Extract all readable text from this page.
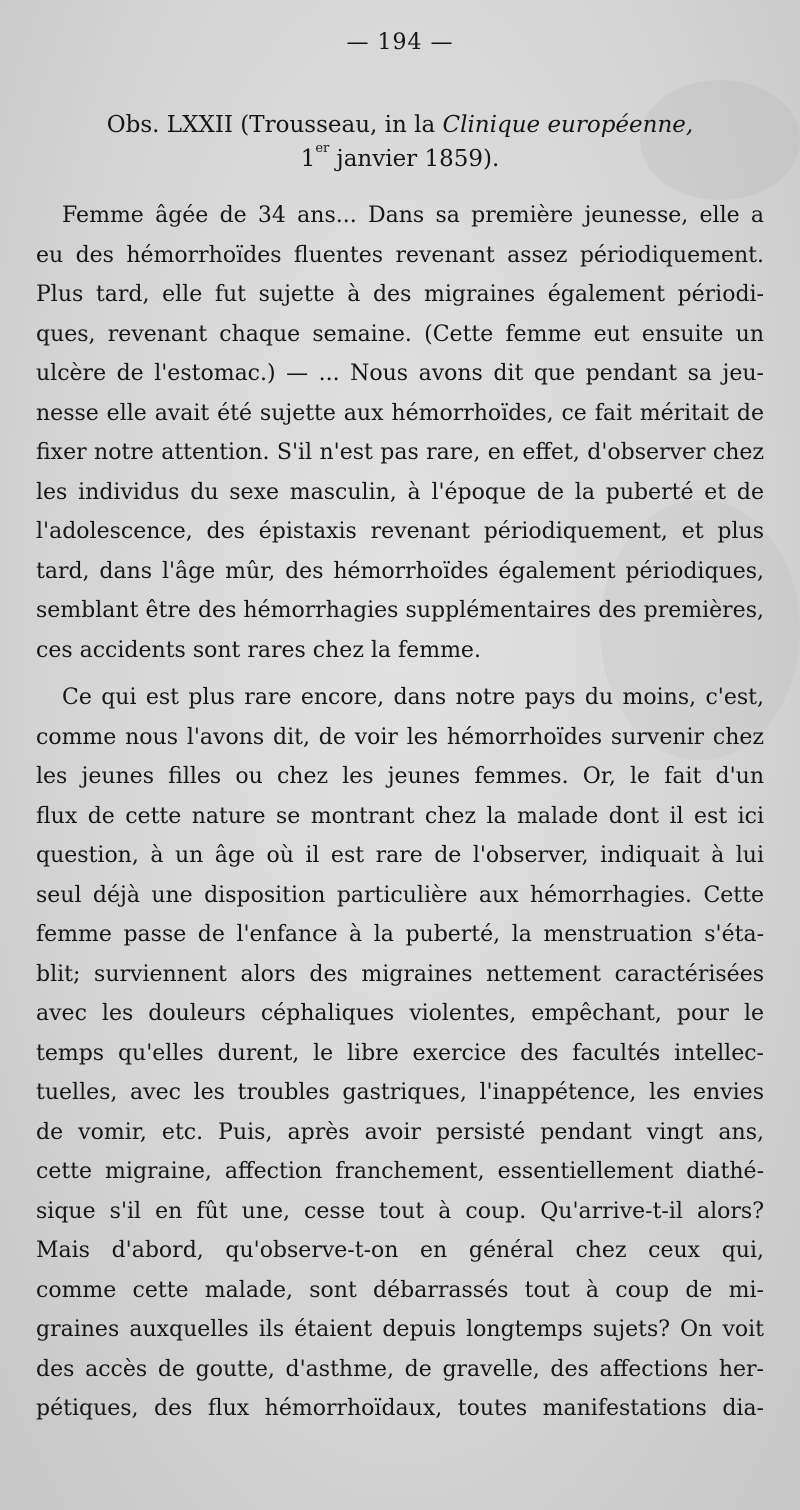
— 194 —
Obs. LXXII (Trousseau, in la Clinique européenne,
1er janvier 1859).
Femme âgée de 34 ans... Dans sa première jeunesse, elle a
eu des hémorrhoïdes fluentes revenant assez périodiquement.
Plus tard, elle fut sujette à des migraines également périodi-
ques, revenant chaque semaine. (Cette femme eut ensuite un
ulcère de l'estomac.) — ... Nous avons dit que pendant sa jeu-
nesse elle avait été sujette aux hémorrhoïdes, ce fait méritait de
fixer notre attention. S'il n'est pas rare, en effet, d'observer chez
les individus du sexe masculin, à l'époque de la puberté et de
l'adolescence, des épistaxis revenant périodiquement, et plus
tard, dans l'âge mûr, des hémorrhoïdes également périodiques,
semblant être des hémorrhagies supplémentaires des premières,
ces accidents sont rares chez la femme.
Ce qui est plus rare encore, dans notre pays du moins, c'est,
comme nous l'avons dit, de voir les hémorrhoïdes survenir chez
les jeunes filles ou chez les jeunes femmes. Or, le fait d'un
flux de cette nature se montrant chez la malade dont il est ici
question, à un âge où il est rare de l'observer, indiquait à lui
seul déjà une disposition particulière aux hémorrhagies. Cette
femme passe de l'enfance à la puberté, la menstruation s'éta-
blit; surviennent alors des migraines nettement caractérisées
avec les douleurs céphaliques violentes, empêchant, pour le
temps qu'elles durent, le libre exercice des facultés intellec-
tuelles, avec les troubles gastriques, l'inappétence, les envies
de vomir, etc. Puis, après avoir persisté pendant vingt ans,
cette migraine, affection franchement, essentiellement diathé-
sique s'il en fût une, cesse tout à coup. Qu'arrive-t-il alors?
Mais d'abord, qu'observe-t-on en général chez ceux qui,
comme cette malade, sont débarrassés tout à coup de mi-
graines auxquelles ils étaient depuis longtemps sujets? On voit
des accès de goutte, d'asthme, de gravelle, des affections her-
pétiques, des flux hémorrhoïdaux, toutes manifestations dia-
